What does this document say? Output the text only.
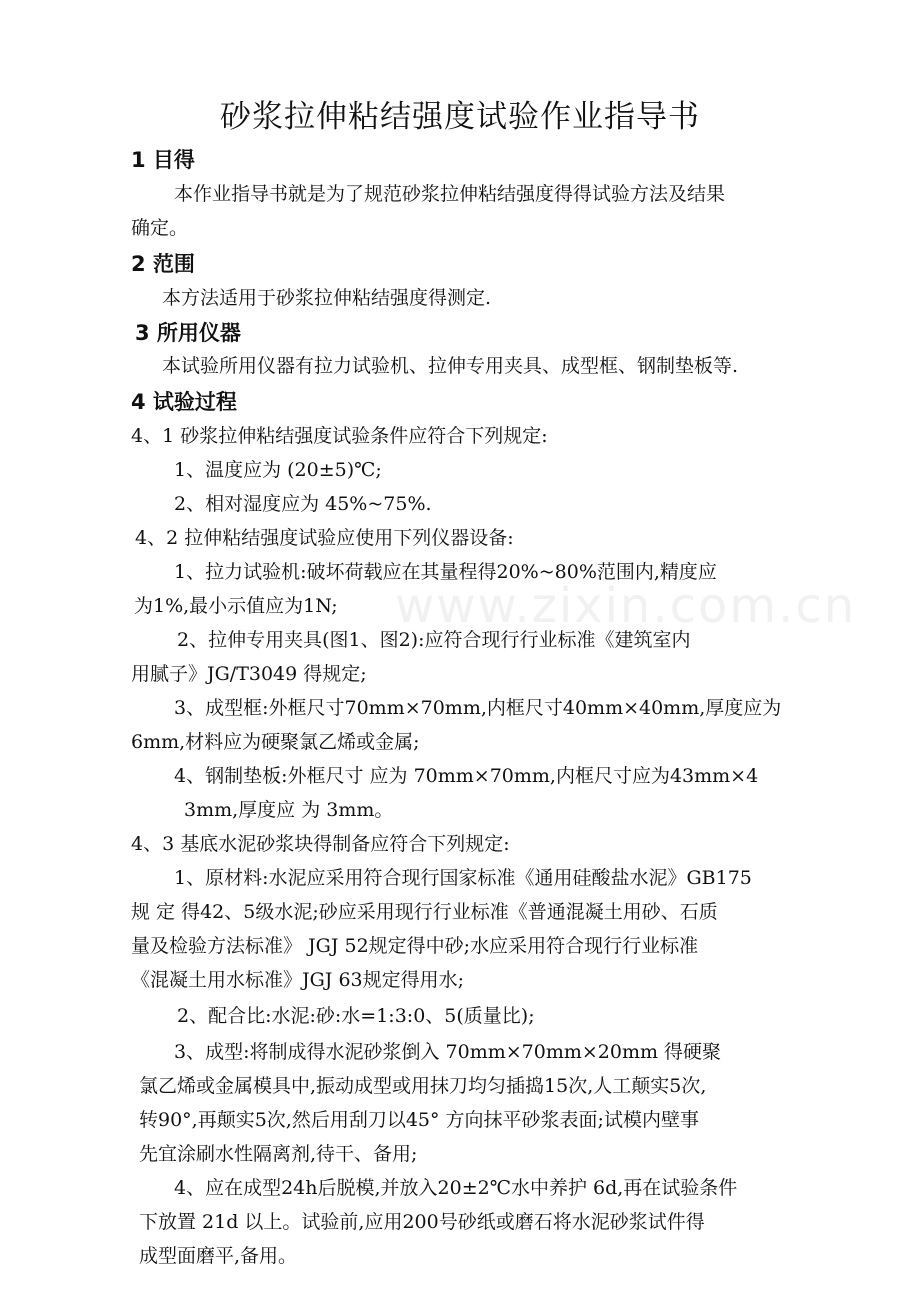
www.zixin.com.cn
砂浆拉伸粘结强度试验作业指导书
1 目得
本作业指导书就是为了规范砂浆拉伸粘结强度得得试验方法及结果
确定。
2 范围
本方法适用于砂浆拉伸粘结强度得测定.
3 所用仪器
本试验所用仪器有拉力试验机、拉伸专用夹具、成型框、钢制垫板等.
4 试验过程
4、1 砂浆拉伸粘结强度试验条件应符合下列规定:
1、温度应为 (20±5)℃;
2、相对湿度应为 45%~75%.
4、2 拉伸粘结强度试验应使用下列仪器设备:
1、拉力试验机:破坏荷载应在其量程得20%~80%范围内,精度应
为1%,最小示值应为1N;
2、拉伸专用夹具(图1、图2):应符合现行行业标准《建筑室内
用腻子》JG/T3049 得规定;
3、成型框:外框尺寸70mm×70mm,内框尺寸40mm×40mm,厚度应为
6mm,材料应为硬聚氯乙烯或金属;
4、钢制垫板:外框尺寸 应为 70mm×70mm,内框尺寸应为43mm×4
3mm,厚度应 为 3mm。
4、3 基底水泥砂浆块得制备应符合下列规定:
1、原材料:水泥应采用符合现行国家标准《通用硅酸盐水泥》GB175
规 定 得42、5级水泥;砂应采用现行行业标准《普通混凝土用砂、石质
量及检验方法标准》 JGJ 52规定得中砂;水应采用符合现行行业标准
《混凝土用水标准》JGJ 63规定得用水;
2、配合比:水泥:砂:水=1:3:0、5(质量比);
3、成型:将制成得水泥砂浆倒入 70mm×70mm×20mm 得硬聚
氯乙烯或金属模具中,振动成型或用抹刀均匀插捣15次,人工颠实5次,
转90°,再颠实5次,然后用刮刀以45° 方向抹平砂浆表面;试模内壁事
先宜涂刷水性隔离剂,待干、备用;
4、应在成型24h后脱模,并放入20±2℃水中养护 6d,再在试验条件
下放置 21d 以上。试验前,应用200号砂纸或磨石将水泥砂浆试件得
成型面磨平,备用。
